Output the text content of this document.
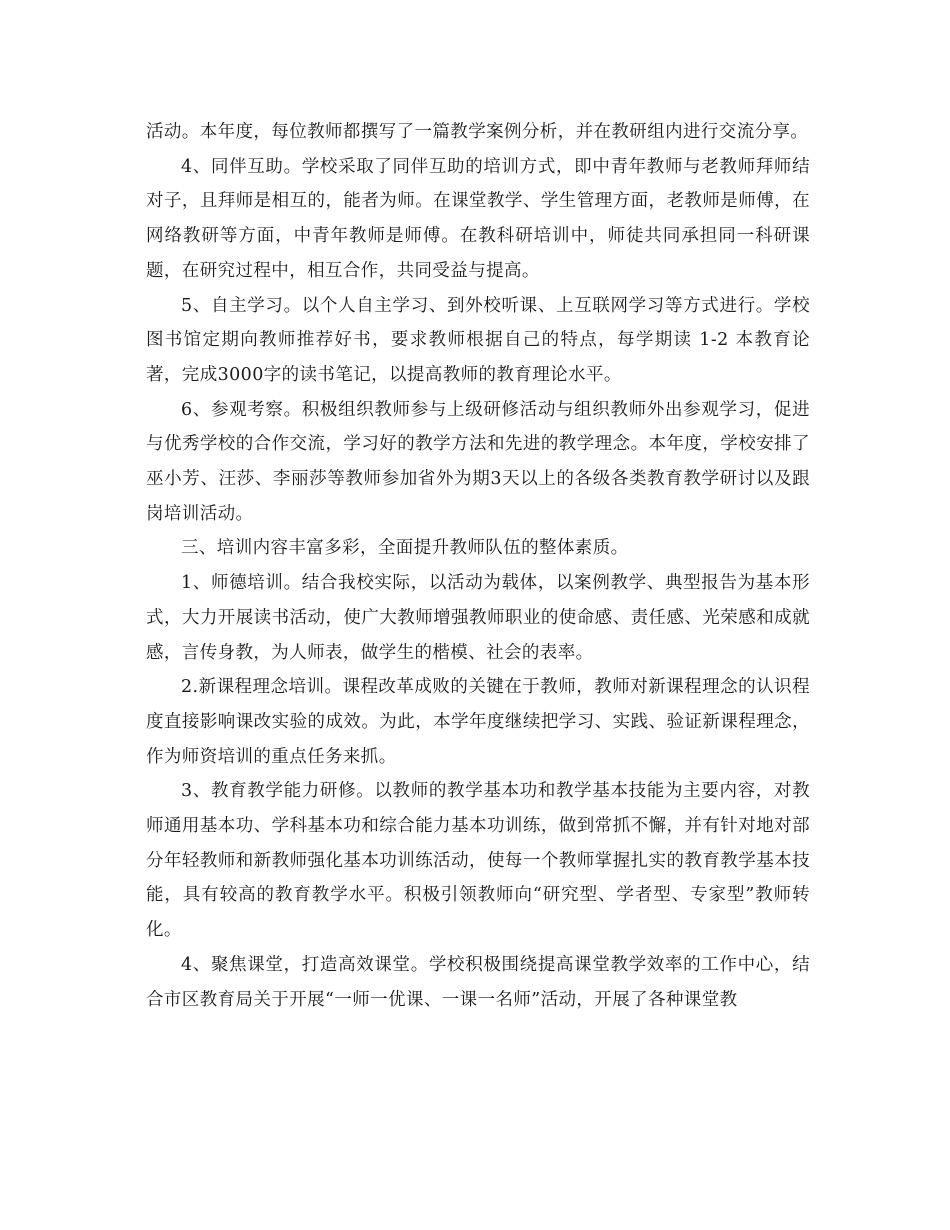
活动。本年度，每位教师都撰写了一篇教学案例分析，并在教研组内进行交流分享。

4、同伴互助。学校采取了同伴互助的培训方式，即中青年教师与老教师拜师结对子，且拜师是相互的，能者为师。在课堂教学、学生管理方面，老教师是师傅，在网络教研等方面，中青年教师是师傅。在教科研培训中，师徒共同承担同一科研课题，在研究过程中，相互合作，共同受益与提高。

5、自主学习。以个人自主学习、到外校听课、上互联网学习等方式进行。学校图书馆定期向教师推荐好书，要求教师根据自己的特点，每学期读 1-2 本教育论著，完成3000字的读书笔记，以提高教师的教育理论水平。

6、参观考察。积极组织教师参与上级研修活动与组织教师外出参观学习，促进与优秀学校的合作交流，学习好的教学方法和先进的教学理念。本年度，学校安排了巫小芳、汪莎、李丽莎等教师参加省外为期3天以上的各级各类教育教学研讨以及跟岗培训活动。

三、培训内容丰富多彩，全面提升教师队伍的整体素质。

1、师德培训。结合我校实际，以活动为载体，以案例教学、典型报告为基本形式，大力开展读书活动，使广大教师增强教师职业的使命感、责任感、光荣感和成就感，言传身教，为人师表，做学生的楷模、社会的表率。

2.新课程理念培训。课程改革成败的关键在于教师，教师对新课程理念的认识程度直接影响课改实验的成效。为此，本学年度继续把学习、实践、验证新课程理念，作为师资培训的重点任务来抓。

3、教育教学能力研修。以教师的教学基本功和教学基本技能为主要内容，对教师通用基本功、学科基本功和综合能力基本功训练，做到常抓不懈，并有针对地对部分年轻教师和新教师强化基本功训练活动，使每一个教师掌握扎实的教育教学基本技能，具有较高的教育教学水平。积极引领教师向“研究型、学者型、专家型”教师转化。

4、聚焦课堂，打造高效课堂。学校积极围绕提高课堂教学效率的工作中心，结合市区教育局关于开展“一师一优课、一课一名师”活动，开展了各种课堂教
